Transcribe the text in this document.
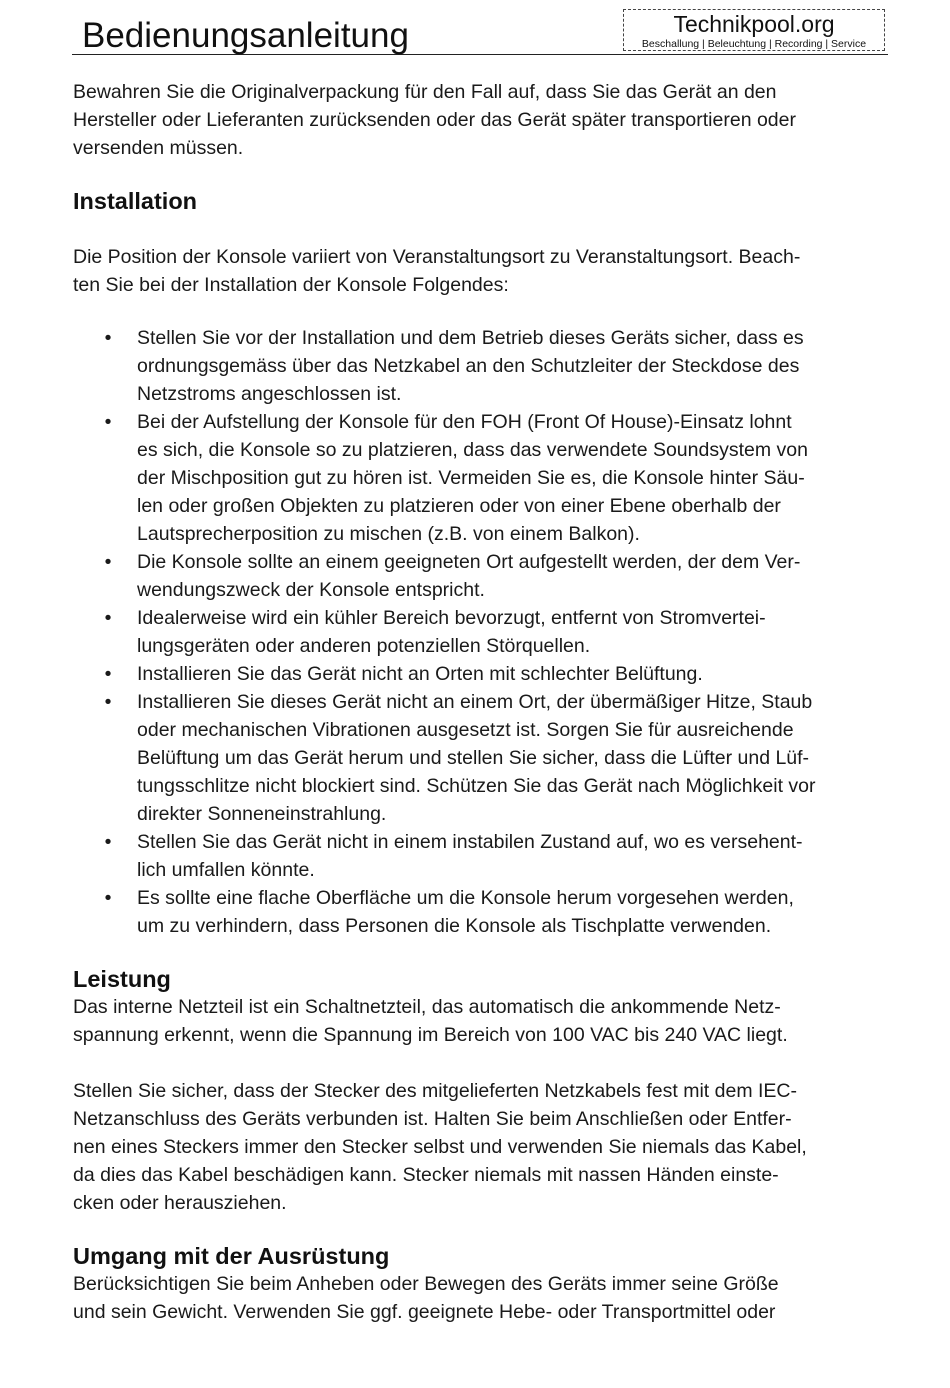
Bedienungsanleitung	Technikpool.org
Beschallung | Beleuchtung | Recording | Service

Bewahren Sie die Originalverpackung für den Fall auf, dass Sie das Gerät an den
Hersteller oder Lieferanten zurücksenden oder das Gerät später transportieren oder
versenden müssen.

Installation

Die Position der Konsole variiert von Veranstaltungsort zu Veranstaltungsort. Beach-
ten Sie bei der Installation der Konsole Folgendes:

• Stellen Sie vor der Installation und dem Betrieb dieses Geräts sicher, dass es
ordnungsgemäss über das Netzkabel an den Schutzleiter der Steckdose des
Netzstroms angeschlossen ist.
• Bei der Aufstellung der Konsole für den FOH (Front Of House)-Einsatz lohnt
es sich, die Konsole so zu platzieren, dass das verwendete Soundsystem von
der Mischposition gut zu hören ist. Vermeiden Sie es, die Konsole hinter Säu-
len oder großen Objekten zu platzieren oder von einer Ebene oberhalb der
Lautsprecherposition zu mischen (z.B. von einem Balkon).
• Die Konsole sollte an einem geeigneten Ort aufgestellt werden, der dem Ver-
wendungszweck der Konsole entspricht.
• Idealerweise wird ein kühler Bereich bevorzugt, entfernt von Stromvertei-
lungsgeräten oder anderen potenziellen Störquellen.
• Installieren Sie das Gerät nicht an Orten mit schlechter Belüftung.
• Installieren Sie dieses Gerät nicht an einem Ort, der übermäßiger Hitze, Staub
oder mechanischen Vibrationen ausgesetzt ist. Sorgen Sie für ausreichende
Belüftung um das Gerät herum und stellen Sie sicher, dass die Lüfter und Lüf-
tungsschlitze nicht blockiert sind. Schützen Sie das Gerät nach Möglichkeit vor
direkter Sonneneinstrahlung.
• Stellen Sie das Gerät nicht in einem instabilen Zustand auf, wo es versehent-
lich umfallen könnte.
• Es sollte eine flache Oberfläche um die Konsole herum vorgesehen werden,
um zu verhindern, dass Personen die Konsole als Tischplatte verwenden.
Leistung

Das interne Netzteil ist ein Schaltnetzteil, das automatisch die ankommende Netz-
spannung erkennt, wenn die Spannung im Bereich von 100 VAC bis 240 VAC liegt.

Stellen Sie sicher, dass der Stecker des mitgelieferten Netzkabels fest mit dem IEC-
Netzanschluss des Geräts verbunden ist. Halten Sie beim Anschließen oder Entfer-
nen eines Steckers immer den Stecker selbst und verwenden Sie niemals das Kabel,
da dies das Kabel beschädigen kann. Stecker niemals mit nassen Händen einste-
cken oder herausziehen.

Umgang mit der Ausrüstung

Berücksichtigen Sie beim Anheben oder Bewegen des Geräts immer seine Größe
und sein Gewicht. Verwenden Sie ggf. geeignete Hebe- oder Transportmittel oder
